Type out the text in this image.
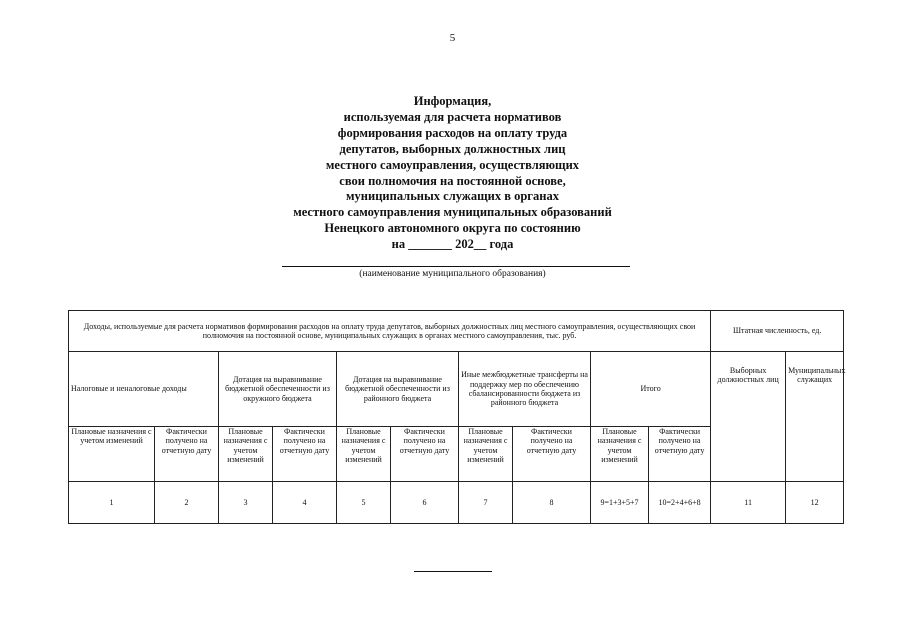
5
Информация,
используемая для расчета нормативов
формирования расходов на оплату труда
депутатов, выборных должностных лиц
местного самоуправления, осуществляющих
свои полномочия на постоянной основе,
муниципальных служащих в органах
местного самоуправления муниципальных образований
Ненецкого автономного округа по состоянию
на _______ 202__ года
(наименование муниципального образования)
Доходы, используемые для расчета нормативов формирования расходов на оплату труда депутатов, выборных должностных лиц местного самоуправления, осуществляющих свои полномочия на постоянной основе, муниципальных служащих в органах местного самоуправления, тыс. руб.										Штатная численность, ед.	
Налоговые и неналоговые доходы		Дотация на выравнивание бюджетной обеспеченности из окружного бюджета		Дотация на выравнивание бюджетной обеспеченности из районного бюджета		Иные межбюджетные трансферты на поддержку мер по обеспечению сбалансированности бюджета из районного бюджета		Итого		Выборных должностных лиц	Муниципальных служащих
Плановые назначения с учетом изменений	Фактически получено на отчетную дату	Плановые назначения с учетом изменений	Фактически получено на отчетную дату	Плановые назначения с учетом изменений	Фактически получено на отчетную дату	Плановые назначения с учетом изменений	Фактически получено на отчетную дату	Плановые назначения с учетом изменений	Фактически получено на отчетную дату		
1	2	3	4	5	6	7	8	9=1+3+5+7	10=2+4+6+8	11	12
